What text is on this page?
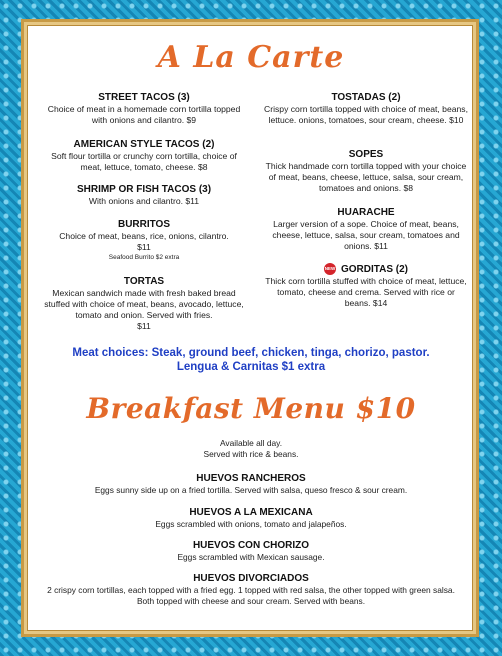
A La Carte
STREET TACOS (3)
Choice of meat in a homemade corn tortilla topped with onions and cilantro. $9
AMERICAN STYLE TACOS (2)
Soft flour tortilla or crunchy corn tortilla, choice of meat, lettuce, tomato, cheese. $8
SHRIMP OR FISH TACOS (3)
With onions and cilantro. $11
BURRITOS
Choice of meat, beans, rice, onions, cilantro.
$11
Seafood Burrito $2 extra
TORTAS
Mexican sandwich made with fresh baked bread stuffed with choice of meat, beans, avocado, lettuce, tomato and onion. Served with fries.
$11
TOSTADAS (2)
Crispy corn tortilla topped with choice of meat, beans, lettuce. onions, tomatoes, sour cream, cheese. $10
SOPES
Thick handmade corn tortilla topped with your choice of meat, beans, cheese, lettuce, salsa, sour cream, tomatoes and onions. $8
HUARACHE
Larger version of a sope. Choice of meat, beans, cheese, lettuce, salsa, sour cream, tomatoes and onions. $11
NEW GORDITAS (2)
Thick corn tortilla stuffed with choice of meat, lettuce, tomato, cheese and crema. Served with rice or beans. $14
Meat choices: Steak, ground beef, chicken, tinga, chorizo, pastor.
Lengua & Carnitas $1 extra
Breakfast Menu $10
Available all day.
Served with rice & beans.
HUEVOS RANCHEROS
Eggs sunny side up on a fried tortilla. Served with salsa, queso fresco & sour cream.
HUEVOS A LA MEXICANA
Eggs scrambled with onions, tomato and jalapeños.
HUEVOS CON CHORIZO
Eggs scrambled with Mexican sausage.
HUEVOS DIVORCIADOS
2 crispy corn tortillas, each topped with a fried egg. 1 topped with red salsa, the other topped with green salsa. Both topped with cheese and sour cream. Served with beans.
